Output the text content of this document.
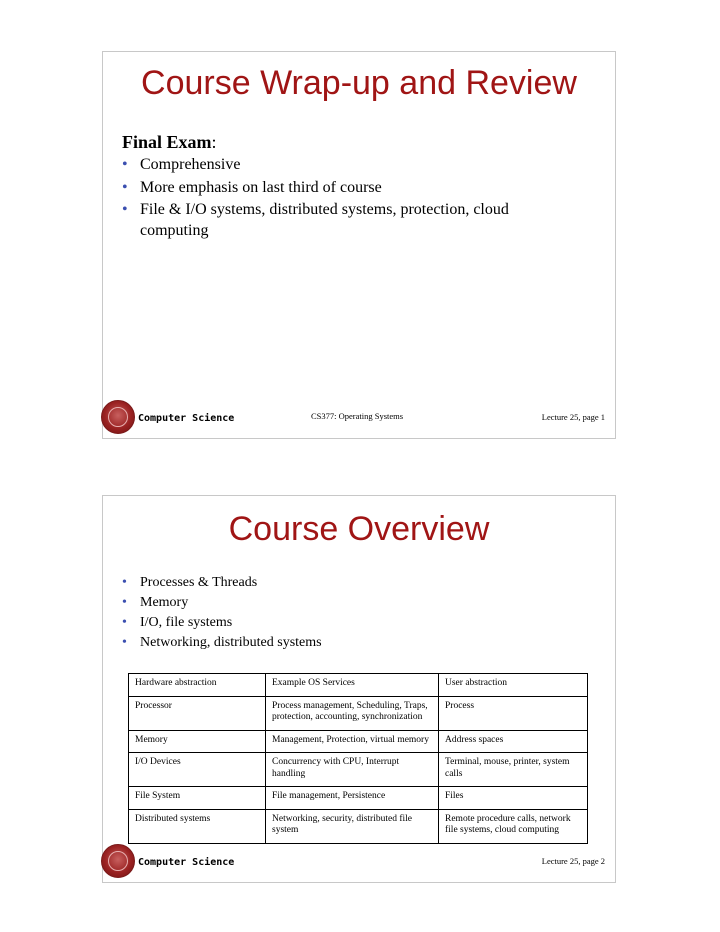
Course Wrap-up and Review
Final Exam:
• Comprehensive
• More emphasis on last third of course
• File & I/O systems, distributed systems, protection, cloud computing
Computer Science	CS377: Operating Systems	Lecture 25, page 1
Course Overview
• Processes & Threads
• Memory
• I/O, file systems
• Networking, distributed systems
Hardware abstraction	Example OS Services	User abstraction
Processor	Process management, Scheduling, Traps, protection, accounting, synchronization	Process
Memory	Management, Protection, virtual memory	Address spaces
I/O Devices	Concurrency with CPU, Interrupt handling	Terminal, mouse, printer, system calls
File System	File management, Persistence	Files
Distributed systems	Networking, security, distributed file system	Remote procedure calls, network file systems, cloud computing
Computer Science	Lecture 25, page 2
